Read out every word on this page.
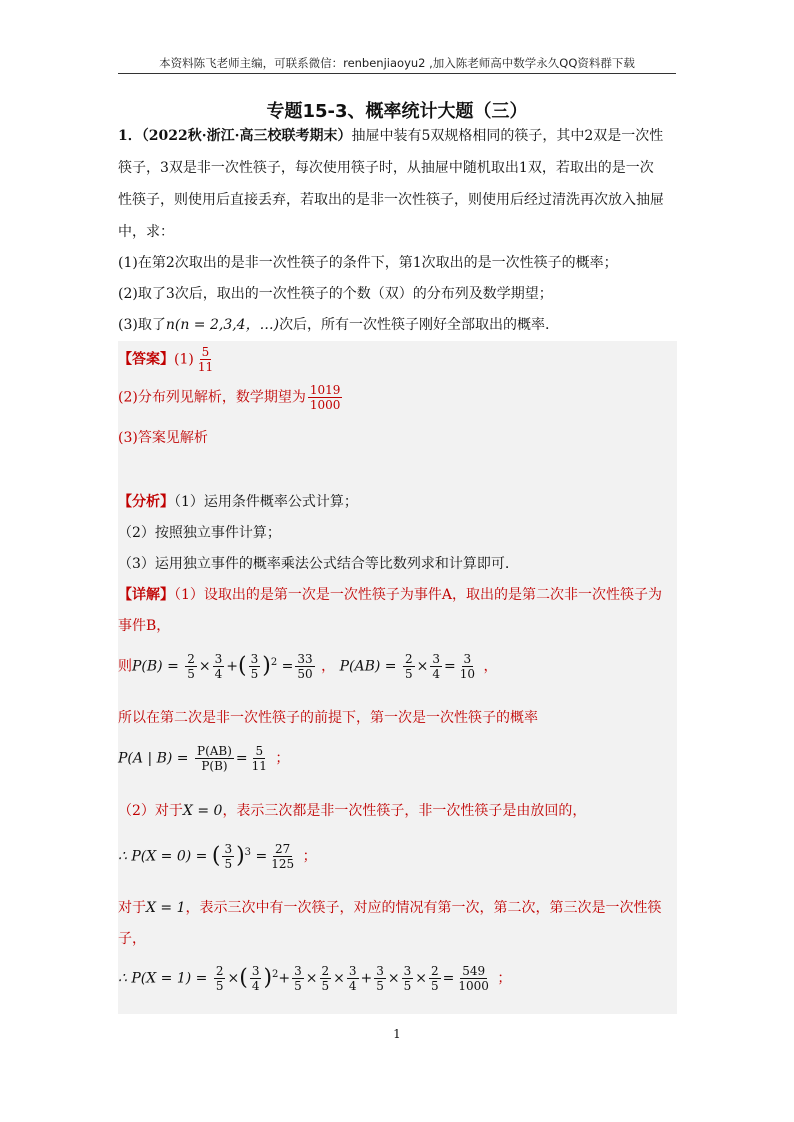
本资料陈飞老师主编，可联系微信：renbenjiaoyu2 ,加入陈老师高中数学永久QQ资料群下载
专题15-3、概率统计大题（三）
1．（2022秋·浙江·高三校联考期末）抽屉中装有5双规格相同的筷子，其中2双是一次性
筷子，3双是非一次性筷子，每次使用筷子时，从抽屉中随机取出1双，若取出的是一次
性筷子，则使用后直接丢弃，若取出的是非一次性筷子，则使用后经过清洗再次放入抽屉
中，求：
(1)在第2次取出的是非一次性筷子的条件下，第1次取出的是一次性筷子的概率；
(2)取了3次后，取出的一次性筷子的个数（双）的分布列及数学期望；
(3)取了n(n = 2,3,4，…)次后，所有一次性筷子刚好全部取出的概率.
【答案】$(1) \frac{5}{11}$
(2)分布列见解析，数学期望为 $\frac{1019}{1000}$
(3)答案见解析
【分析】（1）运用条件概率公式计算；
（2）按照独立事件计算；
（3）运用独立事件的概率乘法公式结合等比数列求和计算即可.
【详解】（1）设取出的是第一次是一次性筷子为事件A，取出的是第二次非一次性筷子为
事件B，
则$P(B) = \frac{2}{5} \times \frac{3}{4}$ +( $\frac{3}{5} )^2 = \frac{33}{50}$ ， $P(AB) = \frac{2}{5} \times \frac{3}{4} = \frac{3}{10}$ ，
所以在第二次是非一次性筷子的前提下，第一次是一次性筷子的概率
P(A | $B) = \frac{P(AB)}{P(B)} = \frac{5}{11}$ ；
（2）对于X = 0，表示三次都是非一次性筷子，非一次性筷子是由放回的，
∴ P(X = 0) = ( $\frac{3}{5} )^3 = \frac{27}{125}$ ；
对于X = 1，表示三次中有一次筷子，对应的情况有第一次，第二次，第三次是一次性筷
子，
∴ $P(X = 1) = \frac{2}{5}$ ×( $\frac{3}{4} )^2+ \frac{3}{5} \times \frac{2}{5} \times \frac{3}{4} + \frac{3}{5} \times \frac{3}{5} \times \frac{2}{5} = \frac{549}{1000}$ ；
1
